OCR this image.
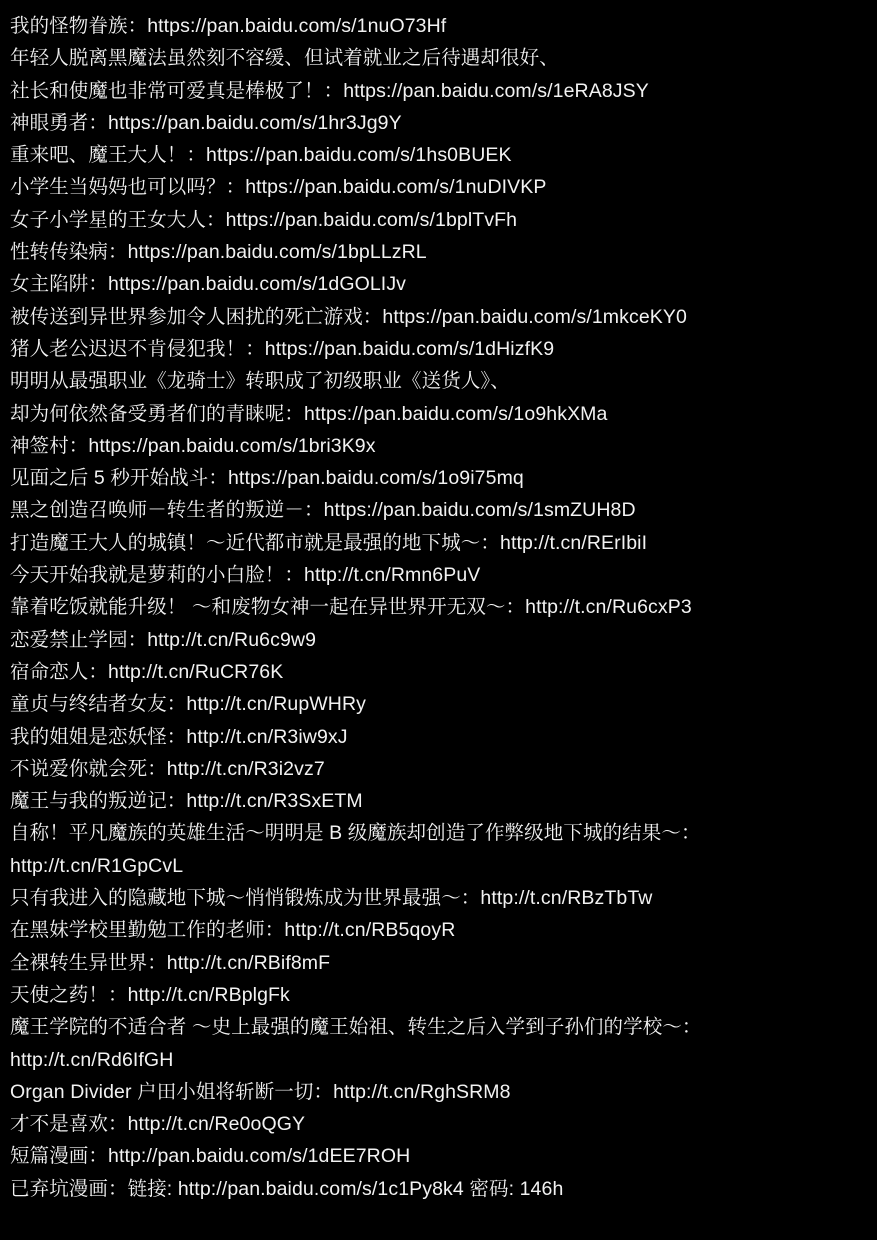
我的怪物眷族：https://pan.baidu.com/s/1nuO73Hf
年轻人脱离黑魔法虽然刻不容缓、但试着就业之后待遇却很好、
社长和使魔也非常可爱真是棒极了！：https://pan.baidu.com/s/1eRA8JSY
神眼勇者：https://pan.baidu.com/s/1hr3Jg9Y
重来吧、魔王大人！：https://pan.baidu.com/s/1hs0BUEK
小学生当妈妈也可以吗？：https://pan.baidu.com/s/1nuDIVKP
女子小学星的王女大人：https://pan.baidu.com/s/1bplTvFh
性转传染病：https://pan.baidu.com/s/1bpLLzRL
女主陷阱：https://pan.baidu.com/s/1dGOLIJv
被传送到异世界参加令人困扰的死亡游戏：https://pan.baidu.com/s/1mkceKY0
猪人老公迟迟不肯侵犯我！：https://pan.baidu.com/s/1dHizfK9
明明从最强职业《龙骑士》转职成了初级职业《送货人》、
却为何依然备受勇者们的青睐呢：https://pan.baidu.com/s/1o9hkXMa
神签村：https://pan.baidu.com/s/1bri3K9x
见面之后 5 秒开始战斗：https://pan.baidu.com/s/1o9i75mq
黑之创造召唤师－转生者的叛逆－：https://pan.baidu.com/s/1smZUH8D
打造魔王大人的城镇！～近代都市就是最强的地下城～：http://t.cn/RErIbiI
今天开始我就是萝莉的小白脸！：http://t.cn/Rmn6PuV
靠着吃饭就能升级！ ～和废物女神一起在异世界开无双～：http://t.cn/Ru6cxP3
恋爱禁止学园：http://t.cn/Ru6c9w9
宿命恋人：http://t.cn/RuCR76K
童贞与终结者女友：http://t.cn/RupWHRy
我的姐姐是恋妖怪：http://t.cn/R3iw9xJ
不说爱你就会死：http://t.cn/R3i2vz7
魔王与我的叛逆记：http://t.cn/R3SxETM
自称！平凡魔族的英雄生活～明明是 B 级魔族却创造了作弊级地下城的结果～：
http://t.cn/R1GpCvL
只有我进入的隐藏地下城～悄悄锻炼成为世界最强～：http://t.cn/RBzTbTw
在黑妹学校里勤勉工作的老师：http://t.cn/RB5qoyR
全裸转生异世界：http://t.cn/RBif8mF
天使之药！：http://t.cn/RBplgFk
魔王学院的不适合者 ～史上最强的魔王始祖、转生之后入学到子孙们的学校～：
http://t.cn/Rd6IfGH
Organ Divider 户田小姐将斩断一切：http://t.cn/RghSRM8
才不是喜欢：http://t.cn/Re0oQGY
短篇漫画：http://pan.baidu.com/s/1dEE7ROH
已弃坑漫画：链接: http://pan.baidu.com/s/1c1Py8k4 密码: 146h
